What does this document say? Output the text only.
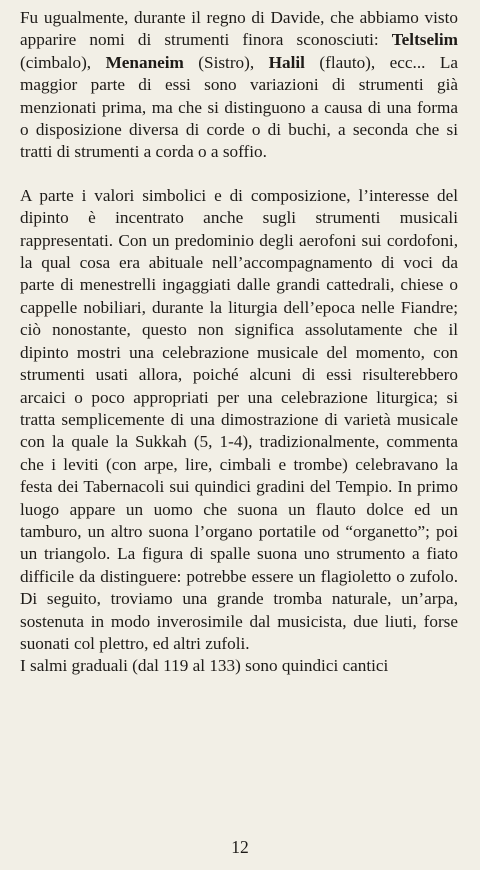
Fu ugualmente, durante il regno di Davide, che abbiamo visto apparire nomi di strumenti finora sconosciuti: Teltselim (cimbalo), Menaneim (Sistro), Halil (flauto), ecc... La maggior parte di essi sono variazioni di strumenti già menzionati prima, ma che si distinguono a causa di una forma o disposizione diversa di corde o di buchi, a seconda che si tratti di strumenti a corda o a soffio.

A parte i valori simbolici e di composizione, l’interesse del dipinto è incentrato anche sugli strumenti musicali rappresentati. Con un predominio degli aerofoni sui cordofoni, la qual cosa era abituale nell’accompagnamento di voci da parte di menestrelli ingaggiati dalle grandi cattedrali, chiese o cappelle nobiliari, durante la liturgia dell’epoca nelle Fiandre; ciò nonostante, questo non significa assolutamente che il dipinto mostri una celebrazione musicale del momento, con strumenti usati allora, poiché alcuni di essi risulterebbero arcaici o poco appropriati per una celebrazione liturgica; si tratta semplicemente di una dimostrazione di varietà musicale con la quale la Sukkah (5, 1-4), tradizionalmente, commenta che i leviti (con arpe, lire, cimbali e trombe) celebravano la festa dei Tabernacoli sui quindici gradini del Tempio. In primo luogo appare un uomo che suona un flauto dolce ed un tamburo, un altro suona l’organo portatile od “organetto”; poi un triangolo. La figura di spalle suona uno strumento a fiato difficile da distinguere: potrebbe essere un flagioletto o zufolo. Di seguito, troviamo una grande tromba naturale, un’arpa, sostenuta in modo inverosimile dal musicista, due liuti, forse suonati col plettro, ed altri zufoli.

I salmi graduali (dal 119 al 133) sono quindici cantici

12
